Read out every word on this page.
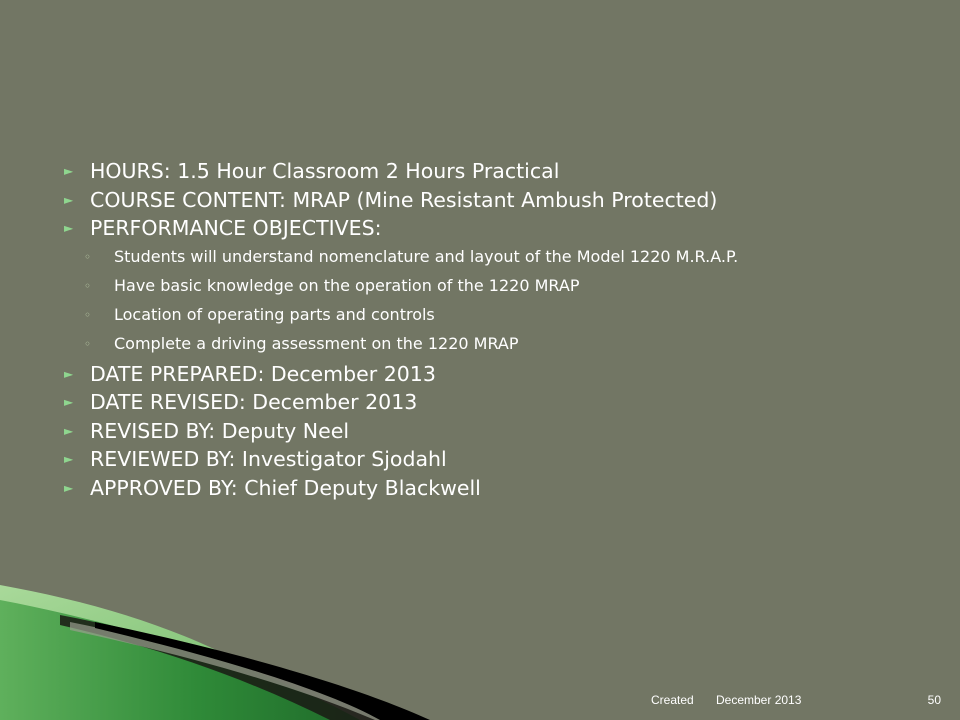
► HOURS: 1.5 Hour Classroom 2 Hours Practical
► COURSE CONTENT: MRAP (Mine Resistant Ambush Protected)
► PERFORMANCE OBJECTIVES:
◦	Students will understand nomenclature and layout of the Model 1220 M.R.A.P.
◦	Have basic knowledge on the operation of the 1220 MRAP
◦	Location of operating parts and controls
◦	Complete a driving assessment on the 1220 MRAP
► DATE PREPARED: December 2013
► DATE REVISED: December 2013
► REVISED BY: Deputy Neel
► REVIEWED BY: Investigator Sjodahl
► APPROVED BY: Chief Deputy Blackwell
Created December 2013	50
